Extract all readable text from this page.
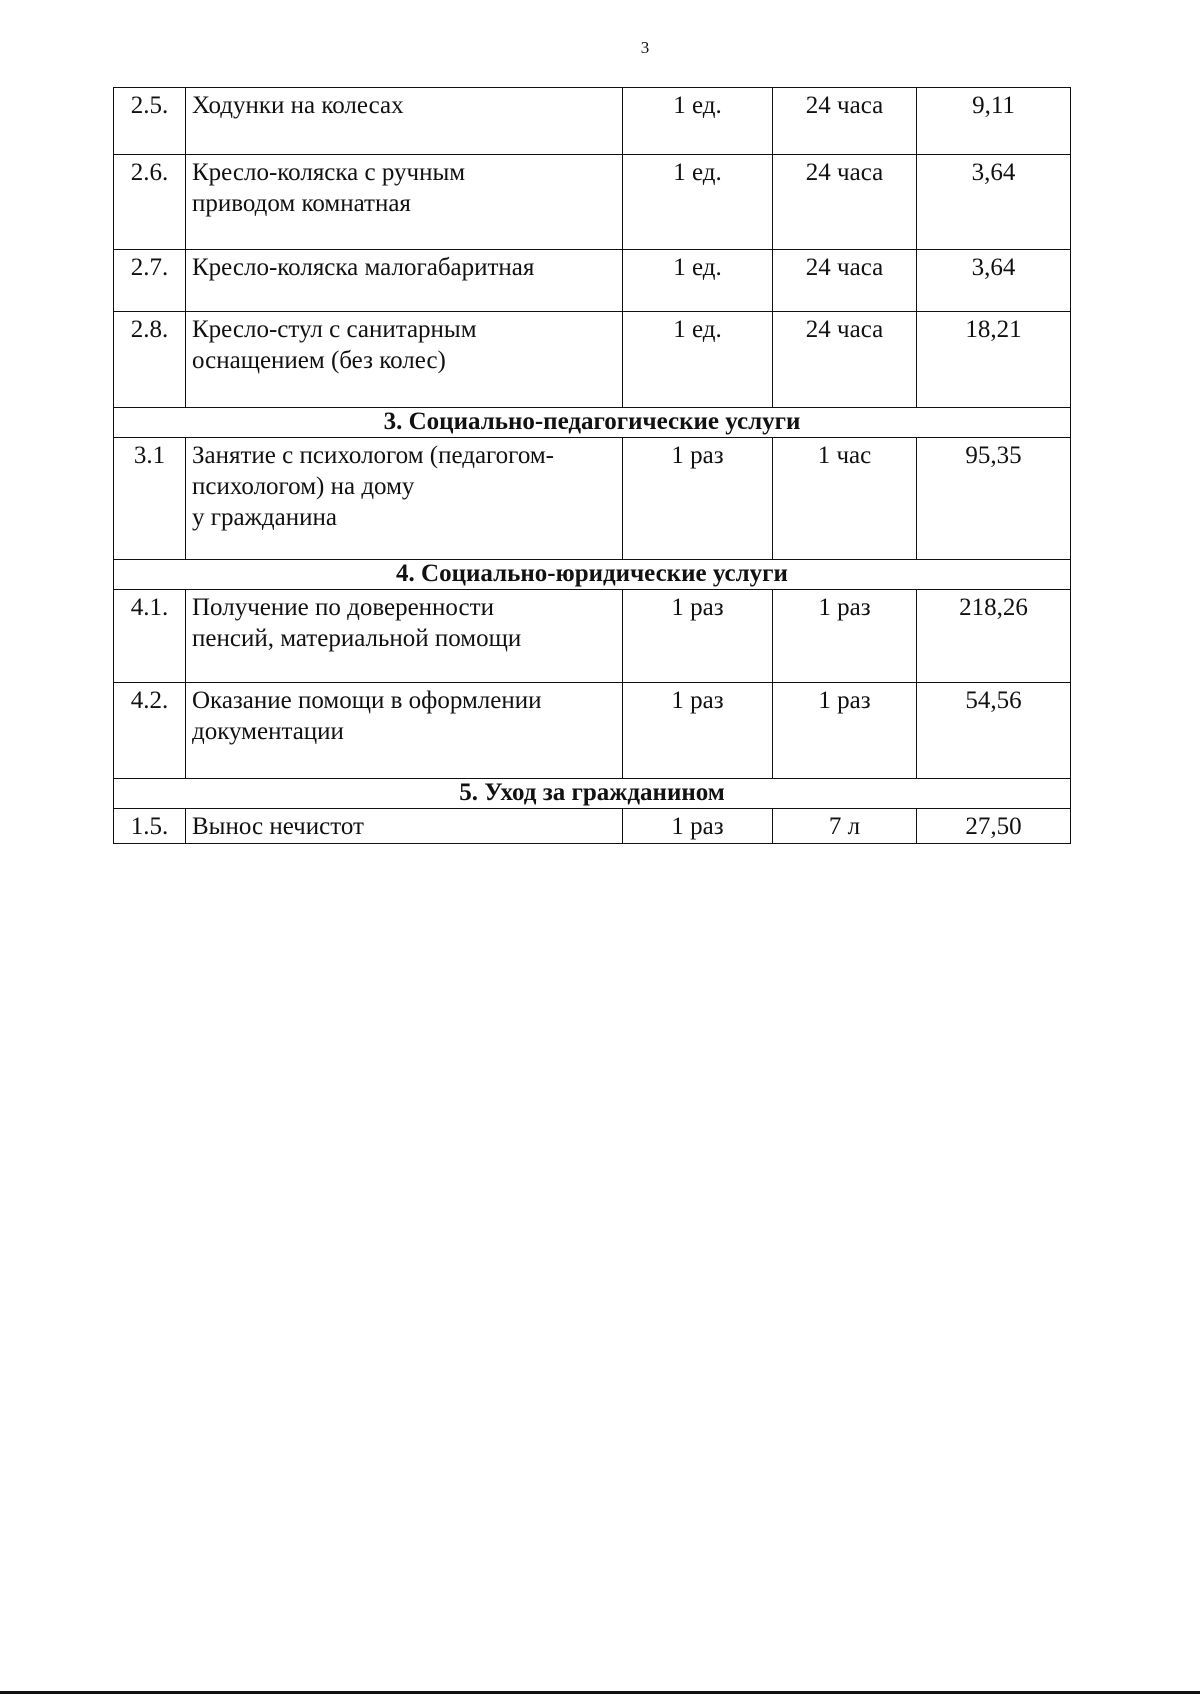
3
2.5.	Ходунки на колесах	1 ед.	24 часа	9,11
2.6.	Кресло-коляска с ручным
приводом комнатная	1 ед.	24 часа	3,64
2.7.	Кресло-коляска малогабаритная	1 ед.	24 часа	3,64
2.8.	Кресло-стул с санитарным
оснащением (без колес)	1 ед.	24 часа	18,21
3. Социально-педагогические услуги				
3.1	Занятие с психологом (педагогом-
психологом) на дому
у гражданина	1 раз	1 час	95,35
4. Социально-юридические услуги				
4.1.	Получение по доверенности
пенсий, материальной помощи	1 раз	1 раз	218,26
4.2.	Оказание помощи в оформлении
документации	1 раз	1 раз	54,56
5. Уход за гражданином				
1.5.	Вынос нечистот	1 раз	7 л	27,50
